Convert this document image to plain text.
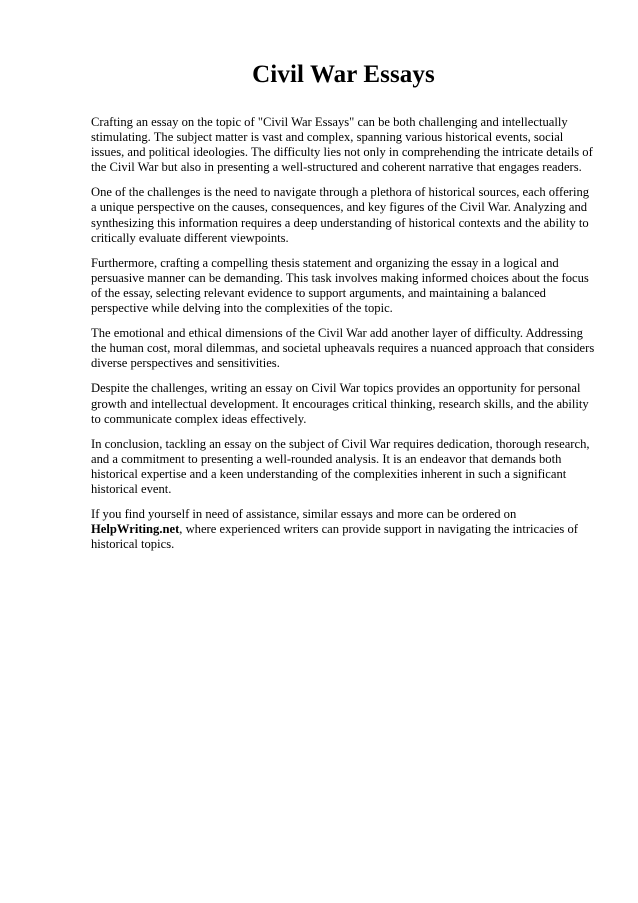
Civil War Essays

Crafting an essay on the topic of "Civil War Essays" can be both challenging and intellectually stimulating. The subject matter is vast and complex, spanning various historical events, social issues, and political ideologies. The difficulty lies not only in comprehending the intricate details of the Civil War but also in presenting a well-structured and coherent narrative that engages readers.

One of the challenges is the need to navigate through a plethora of historical sources, each offering a unique perspective on the causes, consequences, and key figures of the Civil War. Analyzing and synthesizing this information requires a deep understanding of historical contexts and the ability to critically evaluate different viewpoints.

Furthermore, crafting a compelling thesis statement and organizing the essay in a logical and persuasive manner can be demanding. This task involves making informed choices about the focus of the essay, selecting relevant evidence to support arguments, and maintaining a balanced perspective while delving into the complexities of the topic.

The emotional and ethical dimensions of the Civil War add another layer of difficulty. Addressing the human cost, moral dilemmas, and societal upheavals requires a nuanced approach that considers diverse perspectives and sensitivities.

Despite the challenges, writing an essay on Civil War topics provides an opportunity for personal growth and intellectual development. It encourages critical thinking, research skills, and the ability to communicate complex ideas effectively.

In conclusion, tackling an essay on the subject of Civil War requires dedication, thorough research, and a commitment to presenting a well-rounded analysis. It is an endeavor that demands both historical expertise and a keen understanding of the complexities inherent in such a significant historical event.

If you find yourself in need of assistance, similar essays and more can be ordered on HelpWriting.net, where experienced writers can provide support in navigating the intricacies of historical topics.
